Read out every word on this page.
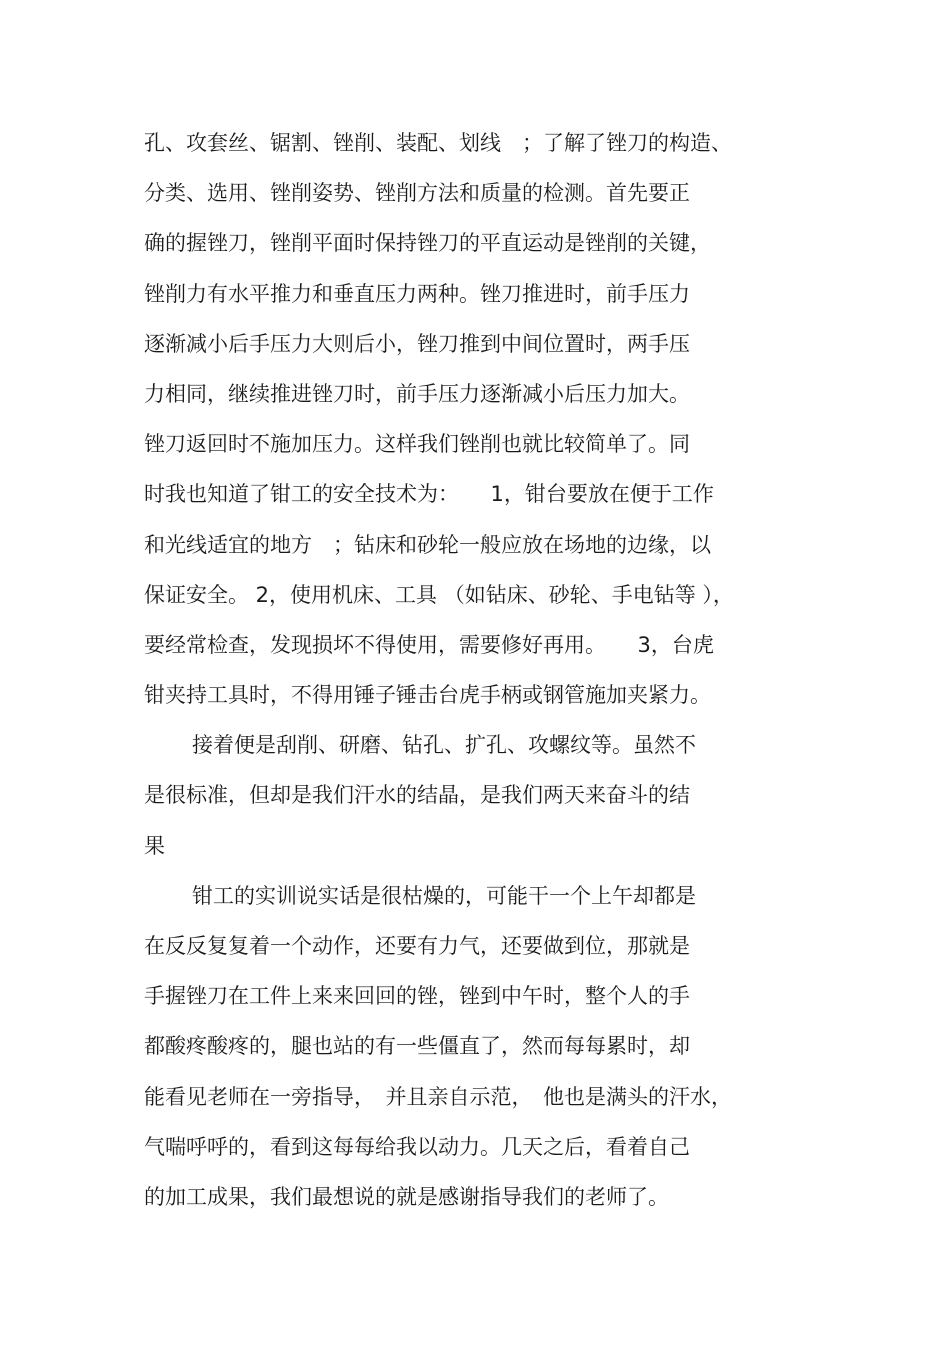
孔、攻套丝、锯割、锉削、装配、划线　；了解了锉刀的构造、
分类、选用、锉削姿势、锉削方法和质量的检测。首先要正
确的握锉刀，锉削平面时保持锉刀的平直运动是锉削的关键，
锉削力有水平推力和垂直压力两种。锉刀推进时，前手压力
逐渐减小后手压力大则后小，锉刀推到中间位置时，两手压
力相同，继续推进锉刀时，前手压力逐渐减小后压力加大。
锉刀返回时不施加压力。这样我们锉削也就比较简单了。同
时我也知道了钳工的安全技术为：　　1，钳台要放在便于工作
和光线适宜的地方　；钻床和砂轮一般应放在场地的边缘，以
保证安全。 2，使用机床、工具 （如钻床、砂轮、手电钻等 ），
要经常检查，发现损坏不得使用，需要修好再用。　　3，台虎
钳夹持工具时，不得用锤子锤击台虎手柄或钢管施加夹紧力。
接着便是刮削、研磨、钻孔、扩孔、攻螺纹等。虽然不
是很标准，但却是我们汗水的结晶，是我们两天来奋斗的结
果
钳工的实训说实话是很枯燥的，可能干一个上午却都是
在反反复复着一个动作，还要有力气，还要做到位，那就是
手握锉刀在工件上来来回回的锉，锉到中午时，整个人的手
都酸疼酸疼的，腿也站的有一些僵直了，然而每每累时，却
能看见老师在一旁指导，　并且亲自示范，　他也是满头的汗水，
气喘呼呼的，看到这每每给我以动力。几天之后，看着自己
的加工成果，我们最想说的就是感谢指导我们的老师了。
